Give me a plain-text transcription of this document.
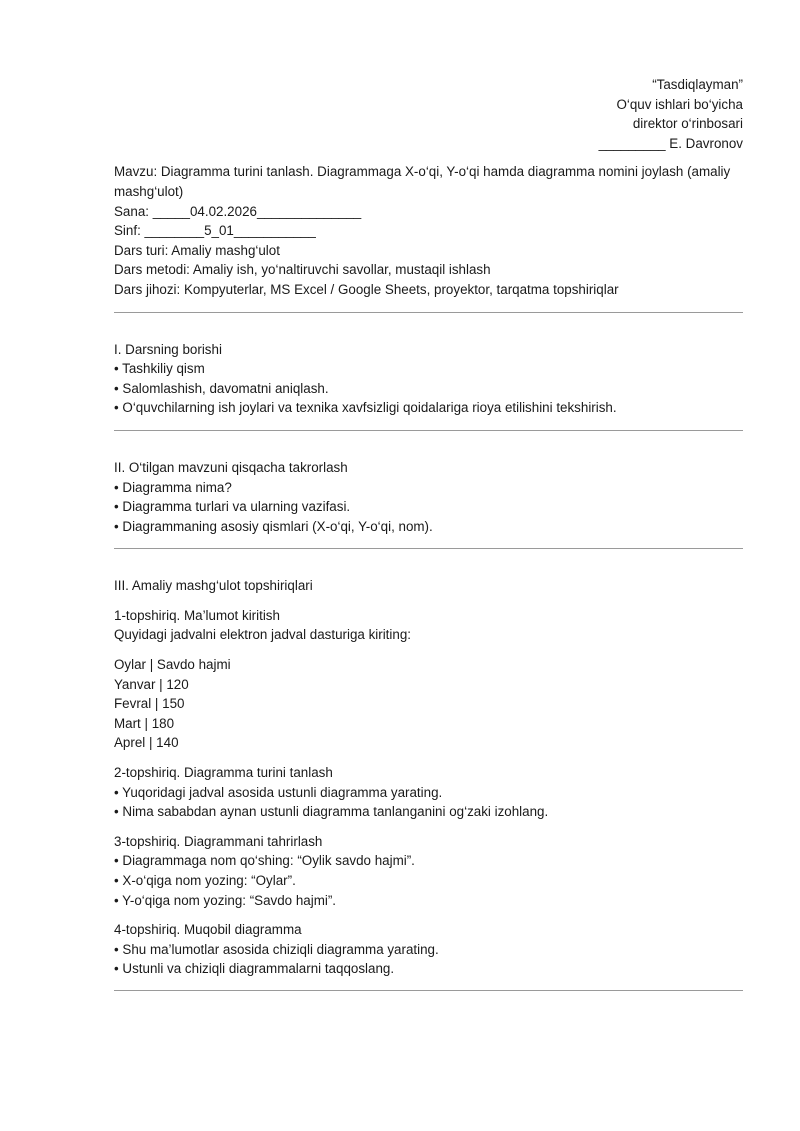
“Tasdiqlayman”
O‘quv ishlari bo‘yicha
direktor o‘rinbosari
_________ E. Davronov

Mavzu: Diagramma turini tanlash. Diagrammaga X-o‘qi, Y-o‘qi hamda diagramma nomini joylash (amaliy mashg‘ulot)

Sana: _____04.02.2026______________

Sinf: ________5_01___________

Dars turi: Amaliy mashg‘ulot

Dars metodi: Amaliy ish, yo‘naltiruvchi savollar, mustaqil ishlash

Dars jihozi: Kompyuterlar, MS Excel / Google Sheets, proyektor, tarqatma topshiriqlar

I. Darsning borishi

• Tashkiliy qism

• Salomlashish, davomatni aniqlash.

• O‘quvchilarning ish joylari va texnika xavfsizligi qoidalariga rioya etilishini tekshirish.

II. O‘tilgan mavzuni qisqacha takrorlash

• Diagramma nima?

• Diagramma turlari va ularning vazifasi.

• Diagrammaning asosiy qismlari (X-o‘qi, Y-o‘qi, nom).

III. Amaliy mashg‘ulot topshiriqlari

1-topshiriq. Ma’lumot kiritish

Quyidagi jadvalni elektron jadval dasturiga kiriting:

Oylar | Savdo hajmi

Yanvar | 120

Fevral | 150

Mart | 180

Aprel | 140

2-topshiriq. Diagramma turini tanlash

• Yuqoridagi jadval asosida ustunli diagramma yarating.

• Nima sababdan aynan ustunli diagramma tanlanganini og‘zaki izohlang.

3-topshiriq. Diagrammani tahrirlash

• Diagrammaga nom qo‘shing: “Oylik savdo hajmi”.

• X-o‘qiga nom yozing: “Oylar”.

• Y-o‘qiga nom yozing: “Savdo hajmi”.

4-topshiriq. Muqobil diagramma

• Shu ma’lumotlar asosida chiziqli diagramma yarating.

• Ustunli va chiziqli diagrammalarni taqqoslang.
